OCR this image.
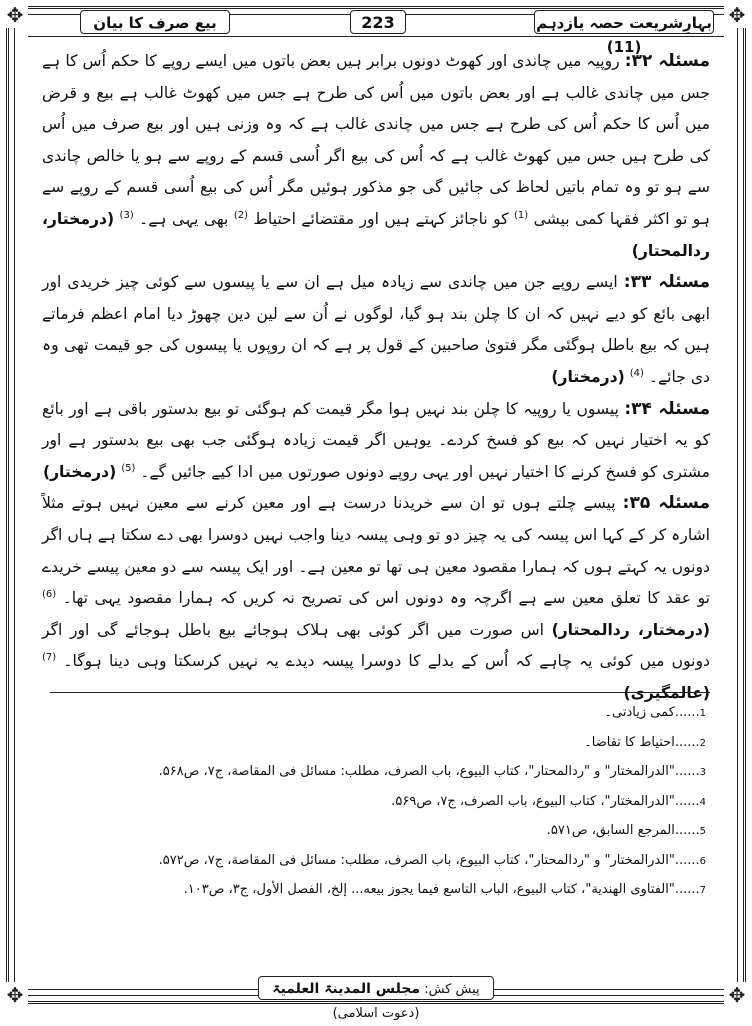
✥	✥
✥	✥
بہارِشریعت حصہ یازدہم (11)
223
بیع صرف کا بیان

مسئلہ ۳۲: روپیہ میں چاندی اور کھوٹ دونوں برابر ہیں بعض باتوں میں ایسے روپے کا حکم اُس کا ہے جس میں چاندی غالب ہے اور بعض باتوں میں اُس کی طرح ہے جس میں کھوٹ غالب ہے بیع و قرض میں اُس کا حکم اُس کی طرح ہے جس میں چاندی غالب ہے کہ وہ وزنی ہیں اور بیع صرف میں اُس کی طرح ہیں جس میں کھوٹ غالب ہے کہ اُس کی بیع اگر اُسی قسم کے روپے سے ہو یا خالص چاندی سے ہو تو وہ تمام باتیں لحاظ کی جائیں گی جو مذکور ہوئیں مگر اُس کی بیع اُسی قسم کے روپے سے ہو تو اکثر فقہا کمی بیشی $^{(1)}$ کو ناجائز کہتے ہیں اور مقتضائے احتیاط $^{(2)}$ بھی یہی ہے۔ $^{(3)}$ (درمختار، ردالمحتار)

مسئلہ ۳۳: ایسے روپے جن میں چاندی سے زیادہ میل ہے ان سے یا پیسوں سے کوئی چیز خریدی اور ابھی بائع کو دیے نہیں کہ ان کا چلن بند ہو گیا، لوگوں نے اُن سے لین دین چھوڑ دیا امام اعظم فرماتے ہیں کہ بیع باطل ہوگئی مگر فتویٰ صاحبین کے قول پر ہے کہ ان روپوں یا پیسوں کی جو قیمت تھی وہ دی جائے۔ $^{(4)}$ (درمختار)

مسئلہ ۳۴: پیسوں یا روپیہ کا چلن بند نہیں ہوا مگر قیمت کم ہوگئی تو بیع بدستور باقی ہے اور بائع کو یہ اختیار نہیں کہ بیع کو فسخ کردے۔ یوہیں اگر قیمت زیادہ ہوگئی جب بھی بیع بدستور ہے اور مشتری کو فسخ کرنے کا اختیار نہیں اور یہی روپے دونوں صورتوں میں ادا کیے جائیں گے۔ $^{(5)}$ (درمختار)

مسئلہ ۳۵: پیسے چلتے ہوں تو ان سے خریدنا درست ہے اور معین کرنے سے معین نہیں ہوتے مثلاً اشارہ کر کے کہا اس پیسہ کی یہ چیز دو تو وہی پیسہ دینا واجب نہیں دوسرا بھی دے سکتا ہے ہاں اگر دونوں یہ کہتے ہوں کہ ہمارا مقصود معین ہی تھا تو معین ہے۔ اور ایک پیسہ سے دو معین پیسے خریدے تو عقد کا تعلق معین سے ہے اگرچہ وہ دونوں اس کی تصریح نہ کریں کہ ہمارا مقصود یہی تھا۔ $^{(6)}$ (درمختار، ردالمحتار) اس صورت میں اگر کوئی بھی ہلاک ہوجائے بیع باطل ہوجائے گی اور اگر دونوں میں کوئی یہ چاہے کہ اُس کے بدلے کا دوسرا پیسہ دیدے یہ نہیں کرسکتا وہی دینا ہوگا۔ $^{(7)}$ (عالمگیری)

1......کمی زیادتی۔
2......احتیاط کا تقاضا۔
3......"الدرالمختار" و "ردالمحتار"، کتاب البیوع، باب الصرف، مطلب: مسائل فی المقاصة، ج۷، ص۵۶۸.
4......"الدرالمختار"، کتاب البیوع، باب الصرف، ج۷، ص۵۶۹.
5......المرجع السابق، ص۵۷۱.
6......"الدرالمختار" و "ردالمحتار"، کتاب البیوع، باب الصرف، مطلب: مسائل فی المقاصة، ج۷، ص۵۷۲.
7......"الفتاوی الهندیة"، کتاب البیوع، الباب التاسع فیما یجوز بیعه... إلخ، الفصل الأول، ج۳، ص۱۰۳.
پیش کش: مجلس المدینۃ العلمیۃ (دعوت اسلامی)
